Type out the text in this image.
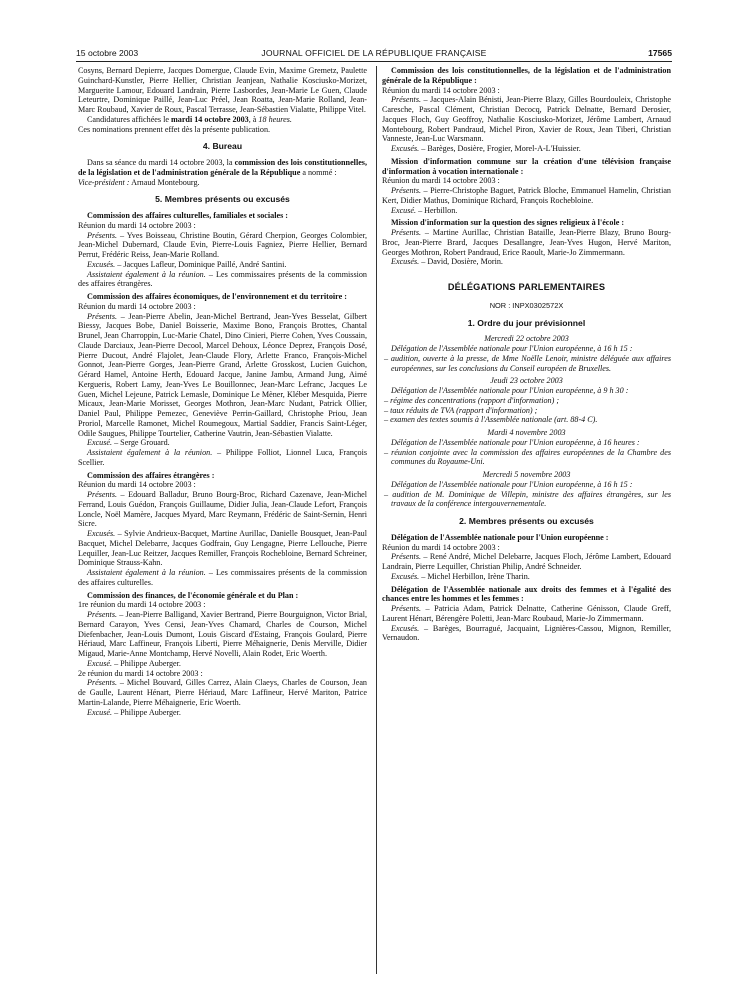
15 octobre 2003	JOURNAL OFFICIEL DE LA RÉPUBLIQUE FRANÇAISE	17565

Cosyns, Bernard Depierre, Jacques Domergue, Claude Evin, Maxime Gremetz, Paulette Guinchard-Kunstler, Pierre Hellier, Christian Jeanjean, Nathalie Kosciusko-Morizet, Marguerite Lamour, Edouard Landrain, Pierre Lasbordes, Jean-Marie Le Guen, Claude Leteurtre, Dominique Paillé, Jean-Luc Préel, Jean Roatta, Jean-Marie Rolland, Jean-Marc Roubaud, Xavier de Roux, Pascal Terrasse, Jean-Sébastien Vialatte, Philippe Vitel.

Candidatures affichées le mardi 14 octobre 2003, à 18 heures.

Ces nominations prennent effet dès la présente publication.

4. Bureau

Dans sa séance du mardi 14 octobre 2003, la commission des lois constitutionnelles, de la législation et de l'administration générale de la République a nommé :

Vice-président : Arnaud Montebourg.

5. Membres présents ou excusés

Commission des affaires culturelles, familiales et sociales :

Réunion du mardi 14 octobre 2003 :

Présents. – Yves Boisseau, Christine Boutin, Gérard Cherpion, Georges Colombier, Jean-Michel Dubernard, Claude Evin, Pierre-Louis Fagniez, Pierre Hellier, Bernard Perrut, Frédéric Reiss, Jean-Marie Rolland.

Excusés. – Jacques Lafleur, Dominique Paillé, André Santini.

Assistaient également à la réunion. – Les commissaires présents de la commission des affaires étrangères.

Commission des affaires économiques, de l'environnement et du territoire :

Réunion du mardi 14 octobre 2003 :

Présents. – Jean-Pierre Abelin, Jean-Michel Bertrand, Jean-Yves Besselat, Gilbert Biessy, Jacques Bobe, Daniel Boisserie, Maxime Bono, François Brottes, Chantal Brunel, Jean Charroppin, Luc-Marie Chatel, Dino Cinieri, Pierre Cohen, Yves Coussain, Claude Darciaux, Jean-Pierre Decool, Marcel Dehoux, Léonce Deprez, François Dosé, Pierre Ducout, André Flajolet, Jean-Claude Flory, Arlette Franco, François-Michel Gonnot, Jean-Pierre Gorges, Jean-Pierre Grand, Arlette Grosskost, Lucien Guichon, Gérard Hamel, Antoine Herth, Edouard Jacque, Janine Jambu, Armand Jung, Aimé Kergueris, Robert Lamy, Jean-Yves Le Bouillonnec, Jean-Marc Lefranc, Jacques Le Guen, Michel Lejeune, Patrick Lemasle, Dominique Le Mèner, Kléber Mesquida, Pierre Micaux, Jean-Marie Morisset, Georges Mothron, Jean-Marc Nudant, Patrick Ollier, Daniel Paul, Philippe Pemezec, Geneviève Perrin-Gaillard, Christophe Priou, Jean Proriol, Marcelle Ramonet, Michel Roumegoux, Martial Saddier, Francis Saint-Léger, Odile Saugues, Philippe Tourtelier, Catherine Vautrin, Jean-Sébastien Vialatte.

Excusé. – Serge Grouard.

Assistaient également à la réunion. – Philippe Folliot, Lionnel Luca, François Scellier.

Commission des affaires étrangères :

Réunion du mardi 14 octobre 2003 :

Présents. – Edouard Balladur, Bruno Bourg-Broc, Richard Cazenave, Jean-Michel Ferrand, Louis Guédon, François Guillaume, Didier Julia, Jean-Claude Lefort, François Loncle, Noël Mamère, Jacques Myard, Marc Reymann, Frédéric de Saint-Sernin, Henri Sicre.

Excusés. – Sylvie Andrieux-Bacquet, Martine Aurillac, Danielle Bousquet, Jean-Paul Bacquet, Michel Delebarre, Jacques Godfrain, Guy Lengagne, Pierre Lellouche, Pierre Lequiller, Jean-Luc Reitzer, Jacques Remiller, François Rochebloine, Bernard Schreiner, Dominique Strauss-Kahn.

Assistaient également à la réunion. – Les commissaires présents de la commission des affaires culturelles.

Commission des finances, de l'économie générale et du Plan :

1re réunion du mardi 14 octobre 2003 :

Présents. – Jean-Pierre Balligand, Xavier Bertrand, Pierre Bourguignon, Victor Brial, Bernard Carayon, Yves Censi, Jean-Yves Chamard, Charles de Courson, Michel Diefenbacher, Jean-Louis Dumont, Louis Giscard d'Estaing, François Goulard, Pierre Hériaud, Marc Laffineur, François Liberti, Pierre Méhaignerie, Denis Merville, Didier Migaud, Marie-Anne Montchamp, Hervé Novelli, Alain Rodet, Eric Woerth.

Excusé. – Philippe Auberger.

2e réunion du mardi 14 octobre 2003 :

Présents. – Michel Bouvard, Gilles Carrez, Alain Claeys, Charles de Courson, Jean de Gaulle, Laurent Hénart, Pierre Hériaud, Marc Laffineur, Hervé Mariton, Patrice Martin-Lalande, Pierre Méhaignerie, Eric Woerth.

Excusé. – Philippe Auberger.

Commission des lois constitutionnelles, de la législation et de l'administration générale de la République :

Réunion du mardi 14 octobre 2003 :

Présents. – Jacques-Alain Bénisti, Jean-Pierre Blazy, Gilles Bourdouleix, Christophe Caresche, Pascal Clément, Christian Decocq, Patrick Delnatte, Bernard Derosier, Jacques Floch, Guy Geoffroy, Nathalie Kosciusko-Morizet, Jérôme Lambert, Arnaud Montebourg, Robert Pandraud, Michel Piron, Xavier de Roux, Jean Tiberi, Christian Vanneste, Jean-Luc Warsmann.

Excusés. – Barèges, Dosière, Frogier, Morel-A-L'Huissier.

Mission d'information commune sur la création d'une télévision française d'information à vocation internationale :

Réunion du mardi 14 octobre 2003 :

Présents. – Pierre-Christophe Baguet, Patrick Bloche, Emmanuel Hamelin, Christian Kert, Didier Mathus, Dominique Richard, François Rochebloine.

Excusé. – Herbillon.

Mission d'information sur la question des signes religieux à l'école :

Présents. – Martine Aurillac, Christian Bataille, Jean-Pierre Blazy, Bruno Bourg-Broc, Jean-Pierre Brard, Jacques Desallangre, Jean-Yves Hugon, Hervé Mariton, Georges Mothron, Robert Pandraud, Erice Raoult, Marie-Jo Zimmermann.

Excusés. – David, Dosière, Morin.

DÉLÉGATIONS PARLEMENTAIRES
NOR : INPX0302572X
1. Ordre du jour prévisionnel

Mercredi 22 octobre 2003

Délégation de l'Assemblée nationale pour l'Union européenne, à 16 h 15 :

– audition, ouverte à la presse, de Mme Noëlle Lenoir, ministre déléguée aux affaires européennes, sur les conclusions du Conseil européen de Bruxelles.

Jeudi 23 octobre 2003

Délégation de l'Assemblée nationale pour l'Union européenne, à 9 h 30 :

– régime des concentrations (rapport d'information) ;

– taux réduits de TVA (rapport d'information) ;

– examen des textes soumis à l'Assemblée nationale (art. 88-4 C).

Mardi 4 novembre 2003

Délégation de l'Assemblée nationale pour l'Union européenne, à 16 heures :

– réunion conjointe avec la commission des affaires européennes de la Chambre des communes du Royaume-Uni.

Mercredi 5 novembre 2003

Délégation de l'Assemblée nationale pour l'Union européenne, à 16 h 15 :

– audition de M. Dominique de Villepin, ministre des affaires étrangères, sur les travaux de la conférence intergouvernementale.

2. Membres présents ou excusés

Délégation de l'Assemblée nationale pour l'Union européenne :

Réunion du mardi 14 octobre 2003 :

Présents. – René André, Michel Delebarre, Jacques Floch, Jérôme Lambert, Edouard Landrain, Pierre Lequiller, Christian Philip, André Schneider.

Excusés. – Michel Herbillon, Irène Tharin.

Délégation de l'Assemblée nationale aux droits des femmes et à l'égalité des chances entre les hommes et les femmes :

Présents. – Patricia Adam, Patrick Delnatte, Catherine Génisson, Claude Greff, Laurent Hénart, Bérengère Poletti, Jean-Marc Roubaud, Marie-Jo Zimmermann.

Excusés. – Barèges, Bourragué, Jacquaint, Lignières-Cassou, Mignon, Remiller, Vernaudon.
